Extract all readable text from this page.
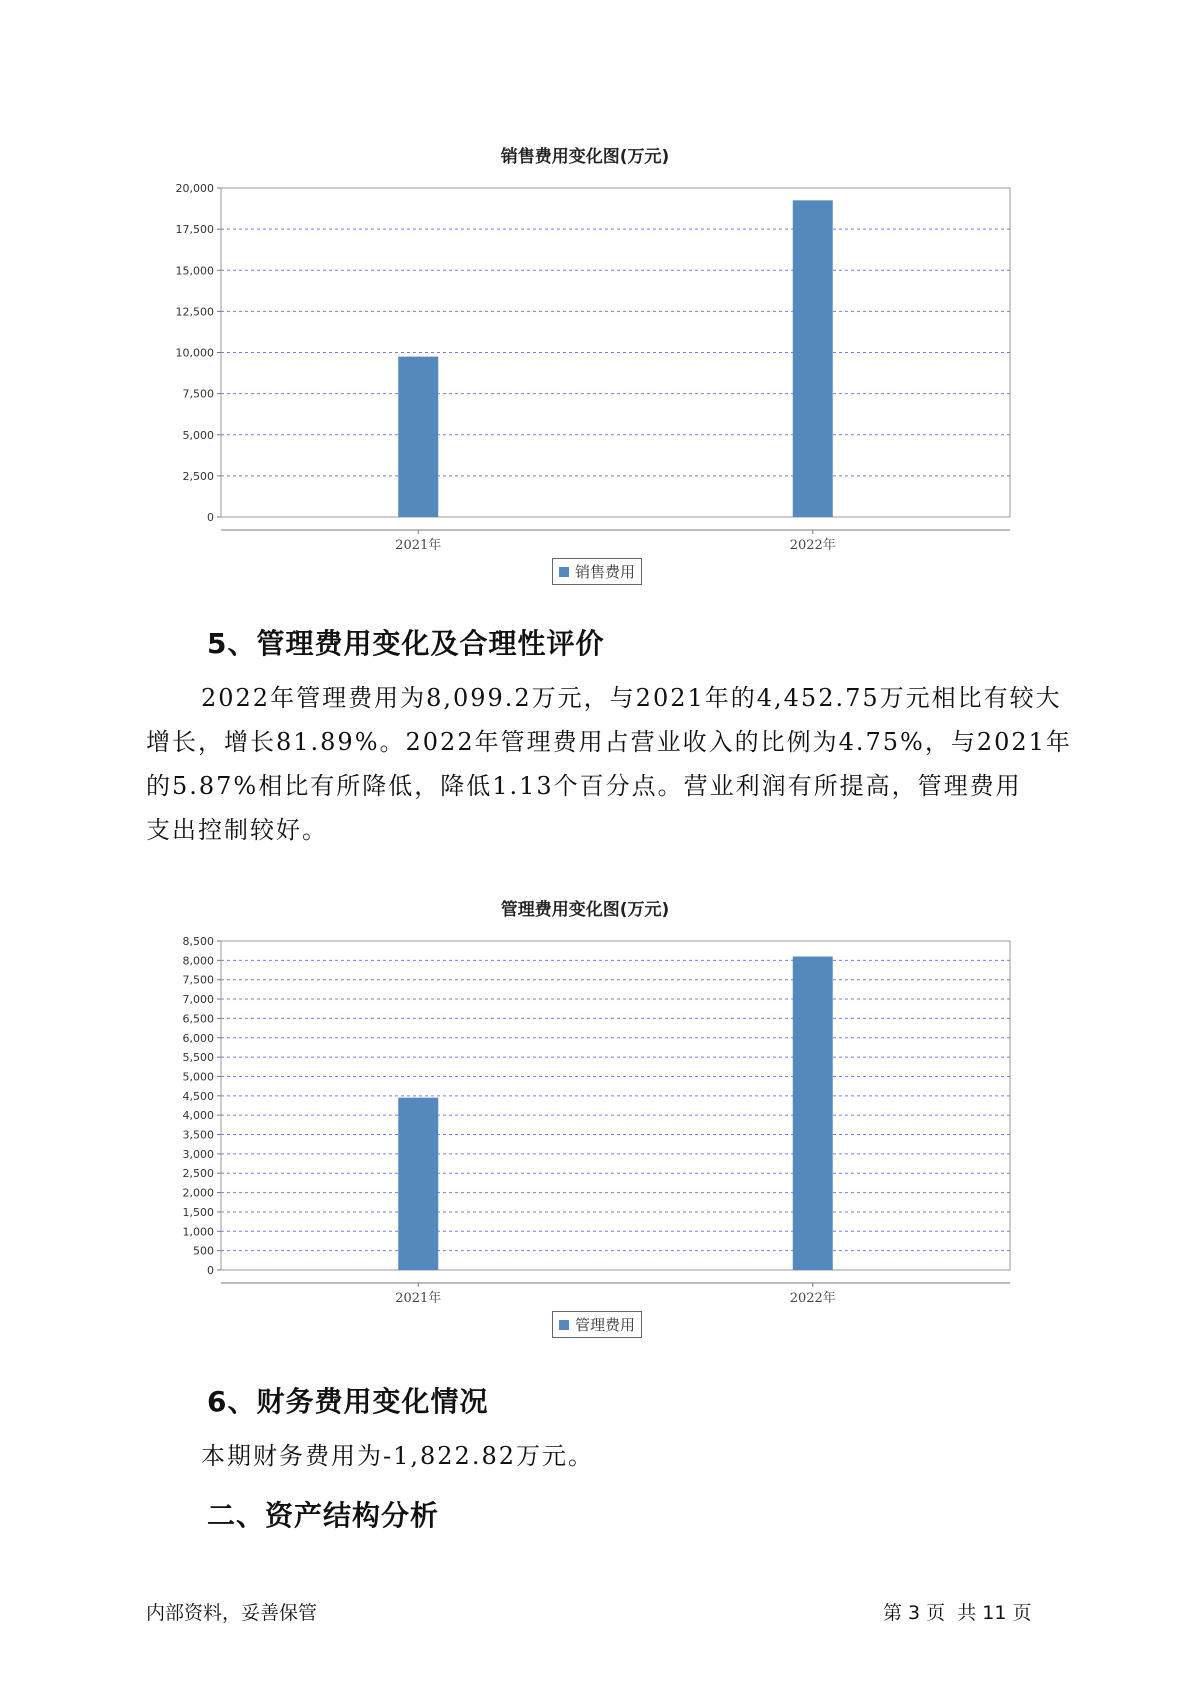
销售费用变化图(万元)
0
2,500
5,000
7,500
10,000
12,500
15,000
17,500
20,000
2021年	2022年
销售费用
5、管理费用变化及合理性评价
2022年管理费用为8,099.2万元，与2021年的4,452.75万元相比有较大
增长，增长81.89%。2022年管理费用占营业收入的比例为4.75%，与2021年
的5.87%相比有所降低，降低1.13个百分点。营业利润有所提高，管理费用
支出控制较好。
管理费用变化图(万元)
0
500
1,000
1,500
2,000
2,500
3,000
3,500
4,000
4,500
5,000
5,500
6,000
6,500
7,000
7,500
8,000
8,500
2021年	2022年
管理费用
6、财务费用变化情况
本期财务费用为-1,822.82万元。
二、资产结构分析
内部资料，妥善保管	第 3 页  共 11 页
